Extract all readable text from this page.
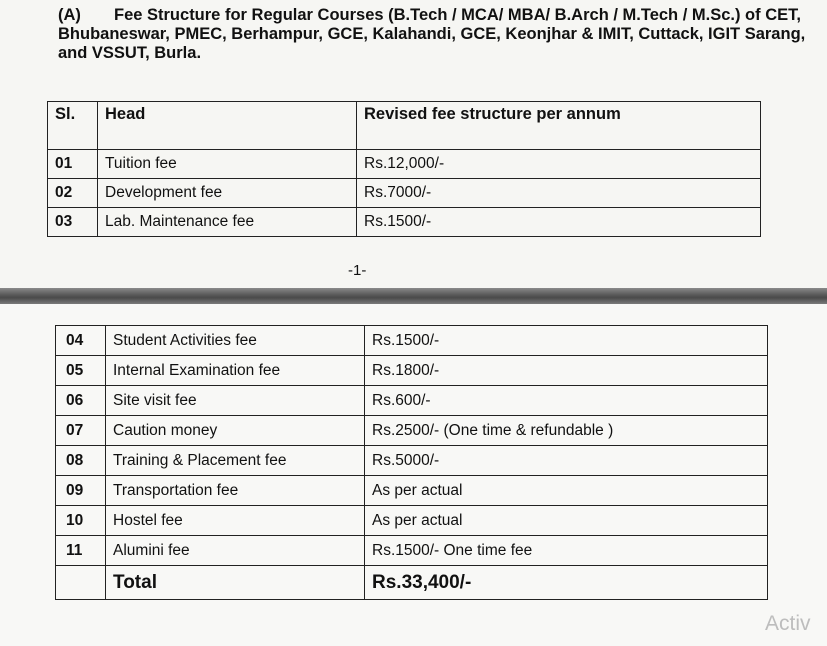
(A) Fee Structure for Regular Courses (B.Tech / MCA/ MBA/ B.Arch / M.Tech / M.Sc.) of CET, Bhubaneswar, PMEC, Berhampur, GCE, Kalahandi, GCE, Keonjhar & IMIT, Cuttack, IGIT Sarang, and VSSUT, Burla.
Sl.	Head	Revised fee structure per annum
01	Tuition fee	Rs.12,000/-
02	Development fee	Rs.7000/-
03	Lab. Maintenance fee	Rs.1500/-
-1-
04	Student Activities fee	Rs.1500/-
05	Internal Examination fee	Rs.1800/-
06	Site visit fee	Rs.600/-
07	Caution money	Rs.2500/- (One time & refundable )
08	Training & Placement fee	Rs.5000/-
09	Transportation fee	As per actual
10	Hostel fee	As per actual
11	Alumini fee	Rs.1500/- One time fee
	Total	Rs.33,400/-
Activ
